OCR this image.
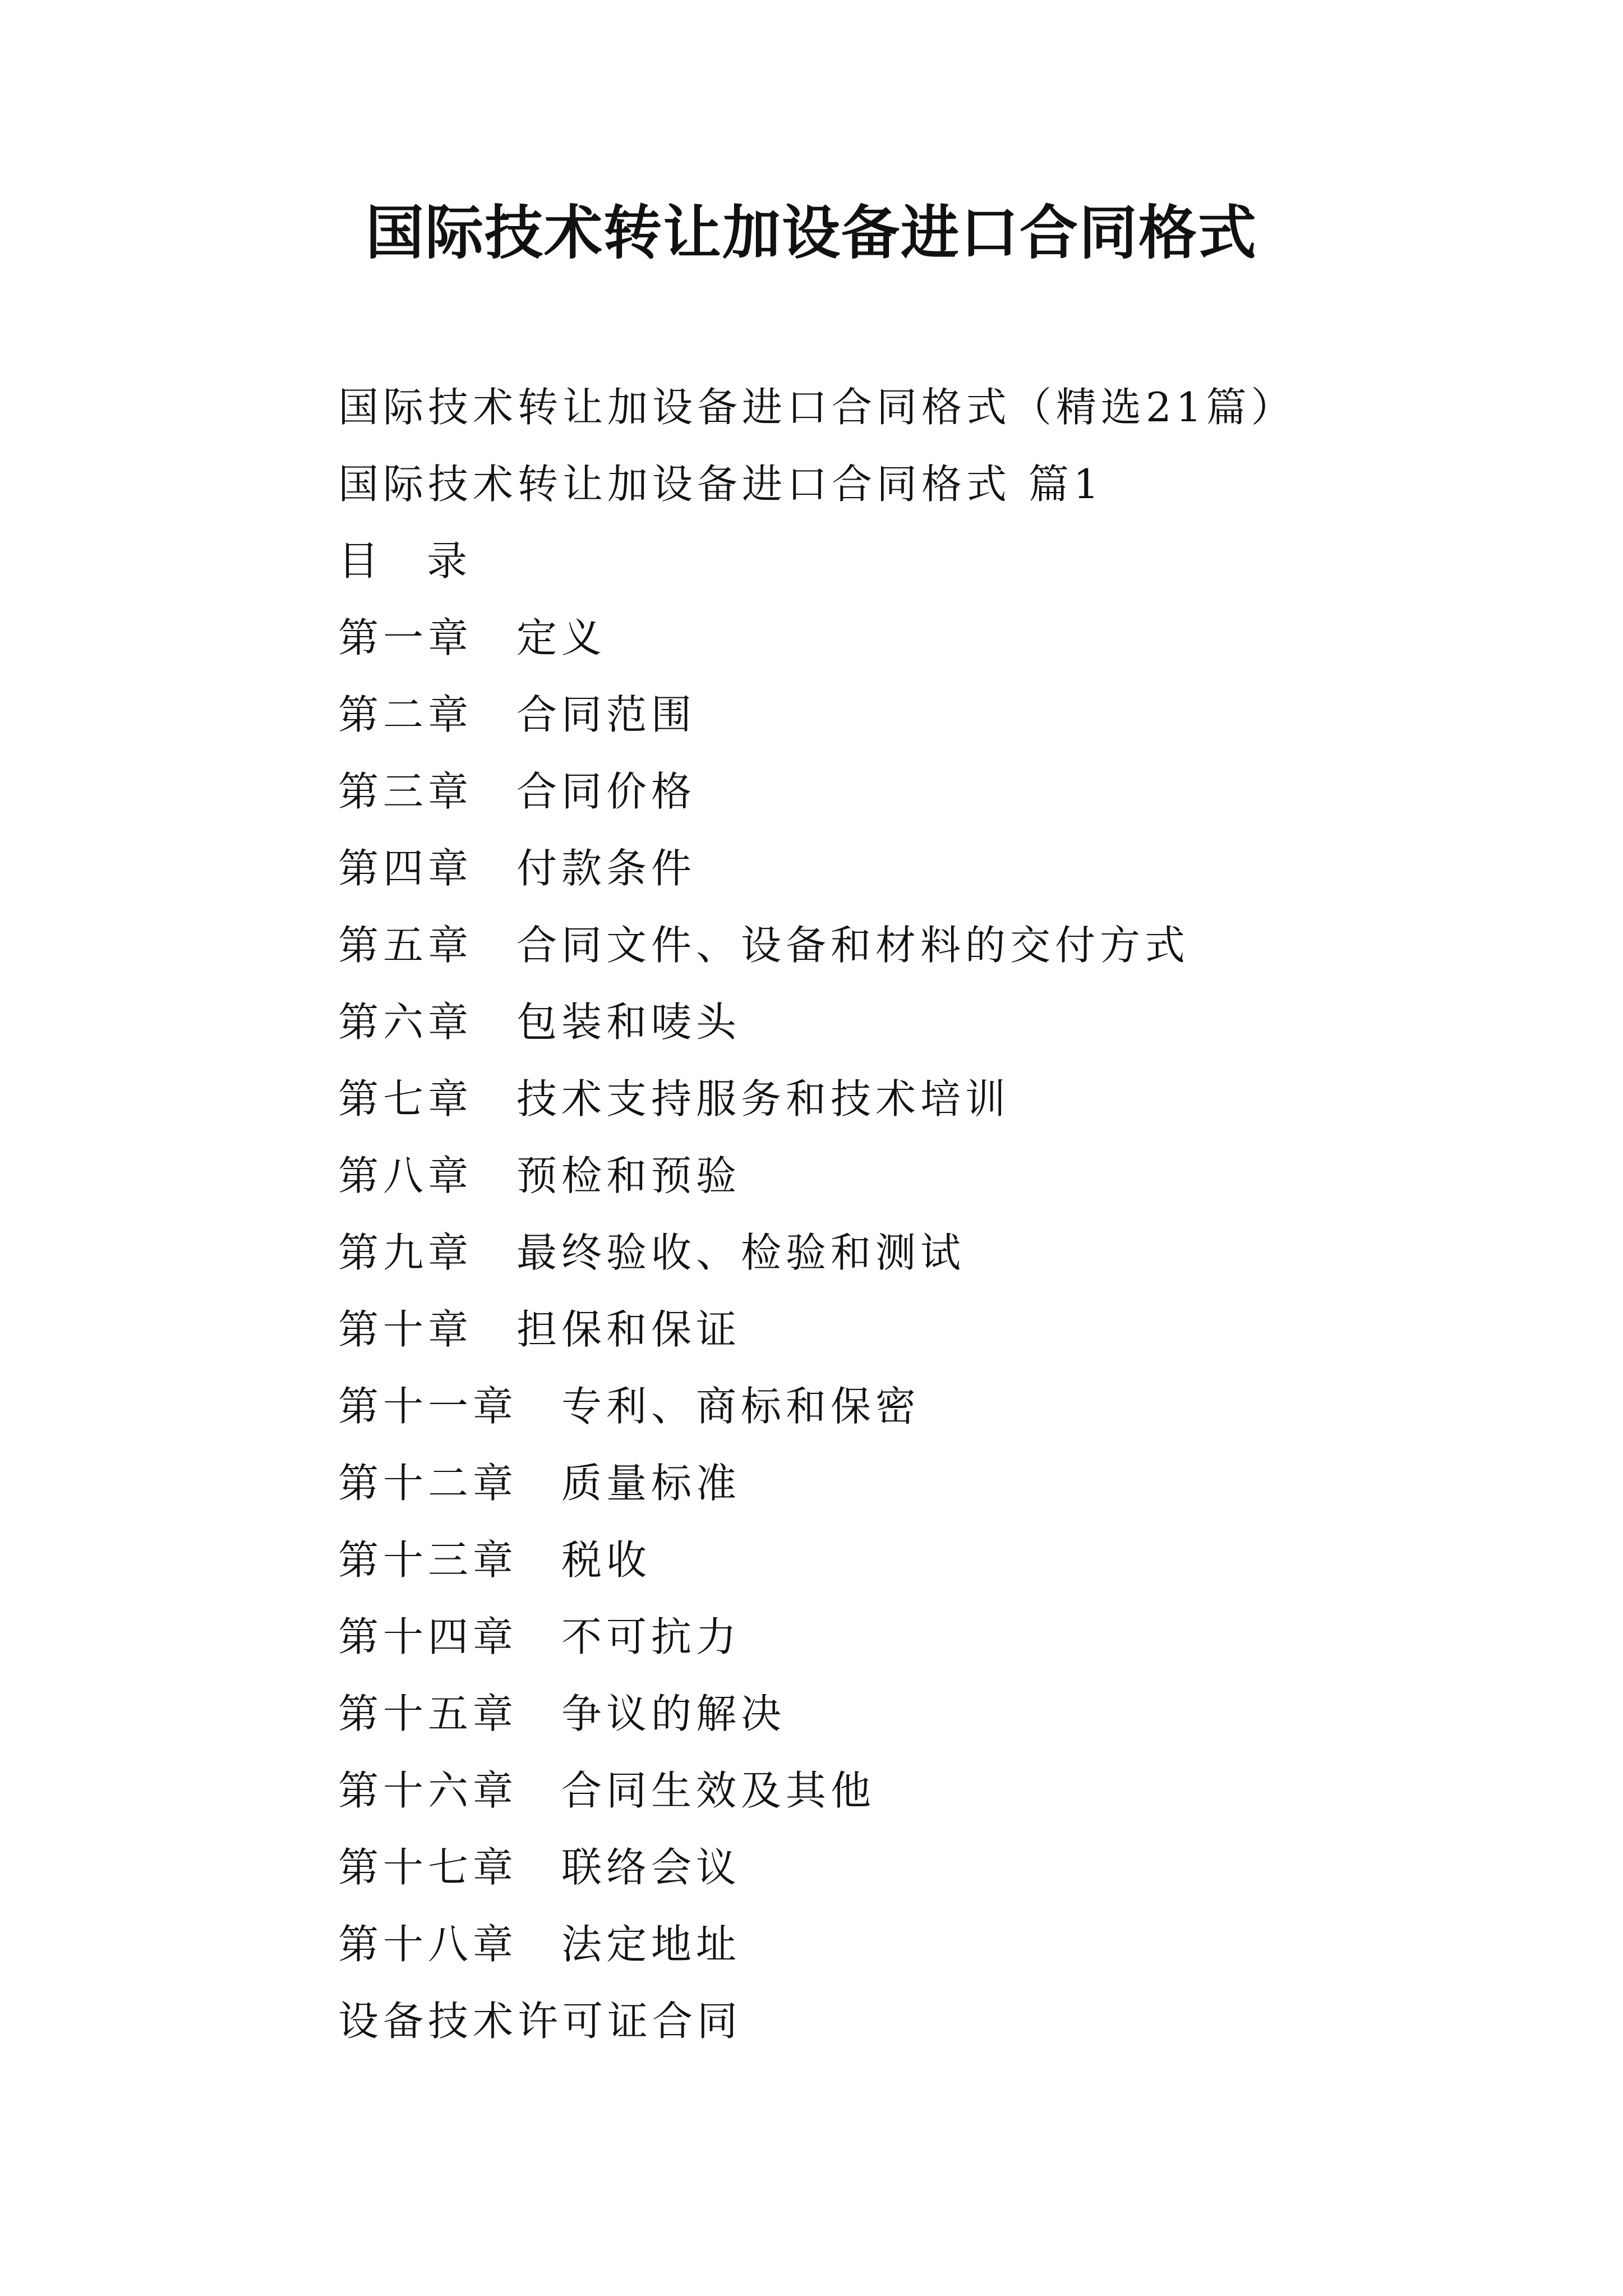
国际技术转让加设备进口合同格式
国际技术转让加设备进口合同格式（精选21篇）
国际技术转让加设备进口合同格式 篇1
目 录
第一章 定义
第二章 合同范围
第三章 合同价格
第四章 付款条件
第五章 合同文件、设备和材料的交付方式
第六章 包装和唛头
第七章 技术支持服务和技术培训
第八章 预检和预验
第九章 最终验收、检验和测试
第十章 担保和保证
第十一章 专利、商标和保密
第十二章 质量标准
第十三章 税收
第十四章 不可抗力
第十五章 争议的解决
第十六章 合同生效及其他
第十七章 联络会议
第十八章 法定地址
设备技术许可证合同
